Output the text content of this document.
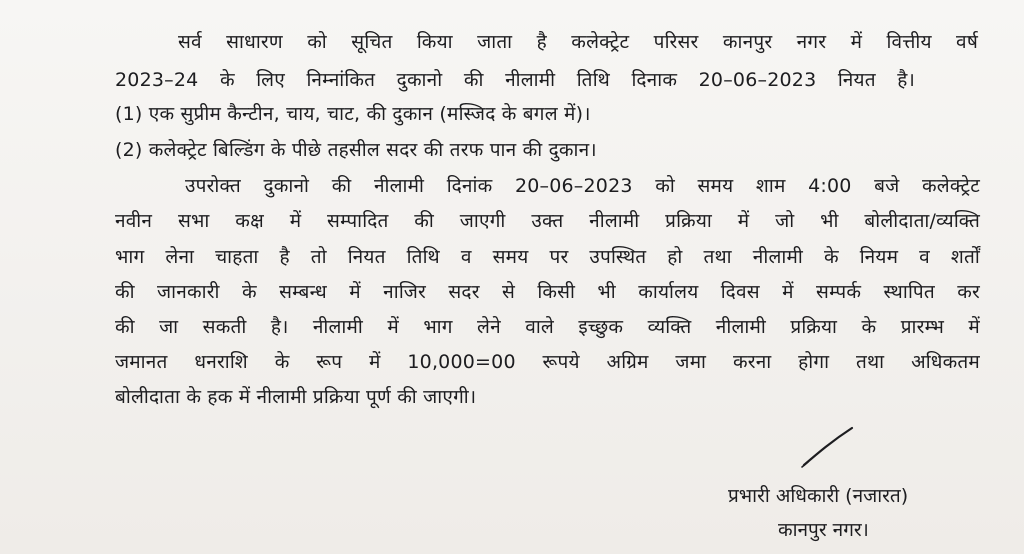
सर्व साधारण को सूचित किया जाता है कलेक्ट्रेट परिसर कानपुर नगर में वित्तीय वर्ष
2023–24 के लिए निम्नांकित दुकानो की नीलामी तिथि दिनाक 20–06–2023 नियत है।
(1) एक सुप्रीम कैन्टीन, चाय, चाट, की दुकान (मस्जिद के बगल में)।
(2) कलेक्ट्रेट बिल्डिंग के पीछे तहसील सदर की तरफ पान की दुकान।
उपरोक्त दुकानो की नीलामी दिनांक 20–06–2023 को समय शाम 4:00 बजे कलेक्ट्रेट
नवीन सभा कक्ष में सम्पादित की जाएगी उक्त नीलामी प्रक्रिया में जो भी बोलीदाता/व्यक्ति
भाग लेना चाहता है तो नियत तिथि व समय पर उपस्थित हो तथा नीलामी के नियम व शर्तों
की जानकारी के सम्बन्ध में नाजिर सदर से किसी भी कार्यालय दिवस में सम्पर्क स्थापित कर
की जा सकती है। नीलामी में भाग लेने वाले इच्छुक व्यक्ति नीलामी प्रक्रिया के प्रारम्भ में
जमानत धनराशि के रूप में 10,000=00 रूपये अग्रिम जमा करना होगा तथा अधिकतम
बोलीदाता के हक में नीलामी प्रक्रिया पूर्ण की जाएगी।
प्रभारी अधिकारी (नजारत)
कानपुर नगर।
